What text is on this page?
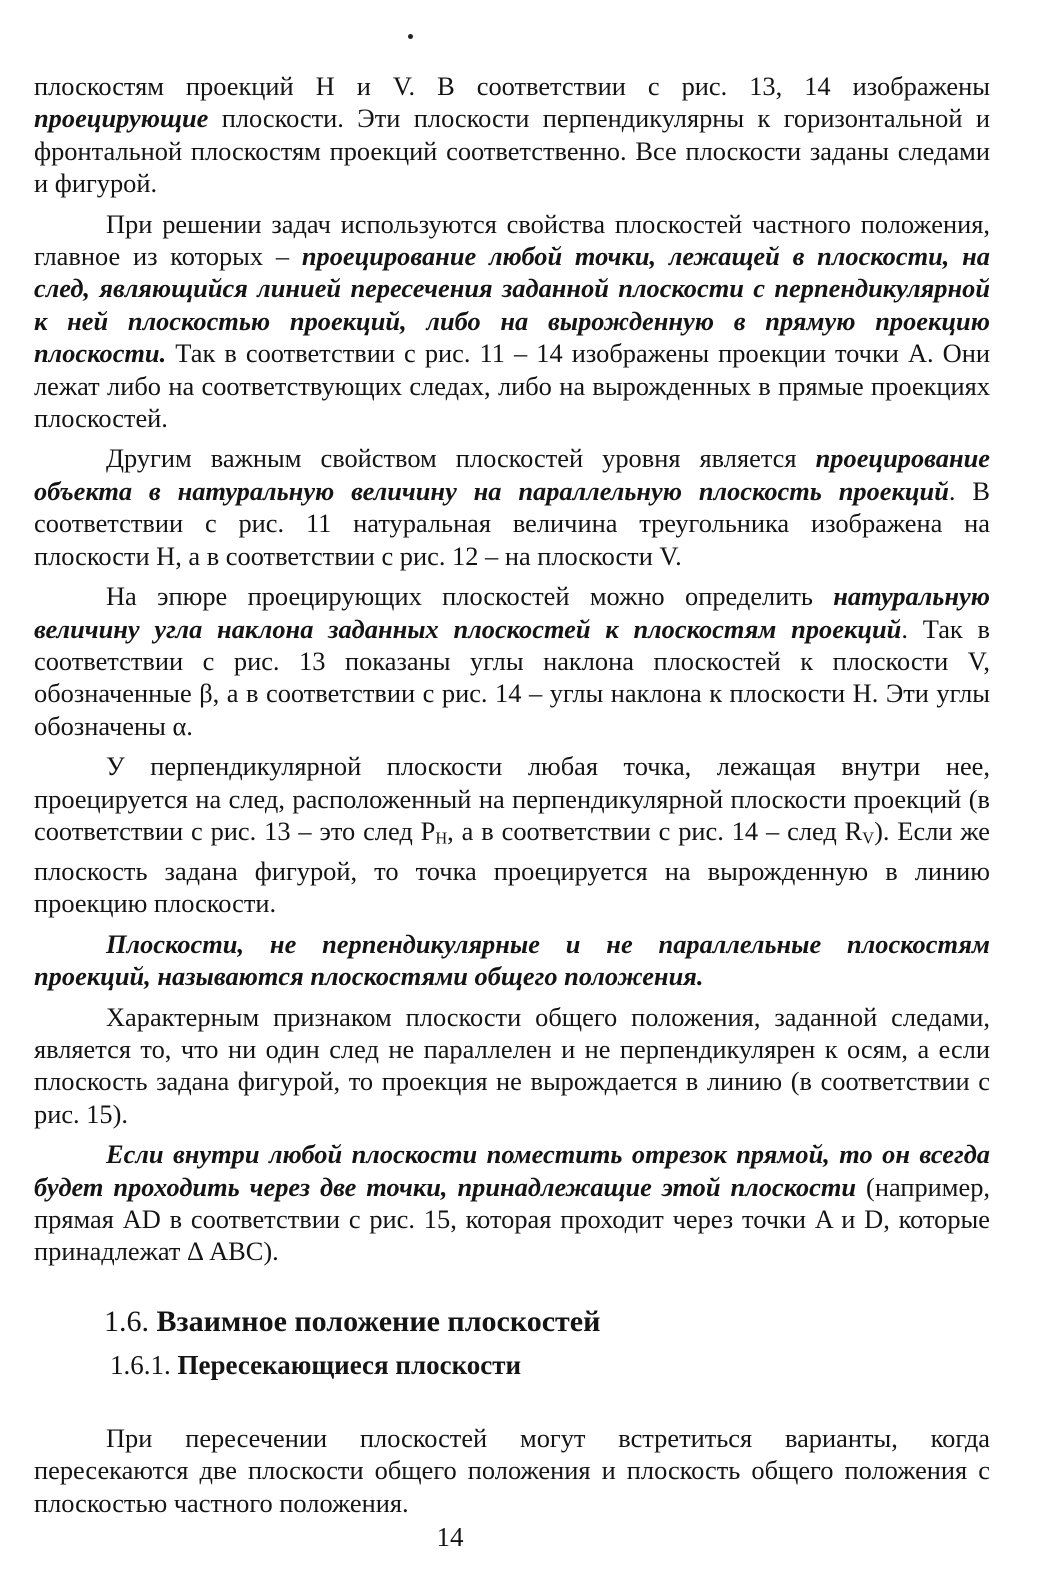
плоскостям проекций H и V. В соответствии с рис. 13, 14 изображены проецирующие плоскости. Эти плоскости перпендикулярны к горизонтальной и фронтальной плоскостям проекций соответственно. Все плоскости заданы следами и фигурой.

При решении задач используются свойства плоскостей частного положения, главное из которых – проецирование любой точки, лежащей в плоскости, на след, являющийся линией пересечения заданной плоскости с перпендикулярной к ней плоскостью проекций, либо на вырожденную в прямую проекцию плоскости. Так в соответствии с рис. 11 – 14 изображены проекции точки A. Они лежат либо на соответствующих следах, либо на вырожденных в прямые проекциях плоскостей.

Другим важным свойством плоскостей уровня является проецирование объекта в натуральную величину на параллельную плоскость проекций. В соответствии с рис. 11 натуральная величина треугольника изображена на плоскости H, а в соответствии с рис. 12 – на плоскости V.

На эпюре проецирующих плоскостей можно определить натуральную величину угла наклона заданных плоскостей к плоскостям проекций. Так в соответствии с рис. 13 показаны углы наклона плоскостей к плоскости V, обозначенные β, а в соответствии с рис. 14 – углы наклона к плоскости H. Эти углы обозначены α.

У перпендикулярной плоскости любая точка, лежащая внутри нее, проецируется на след, расположенный на перпендикулярной плоскости проекций (в соответствии с рис. 13 – это след $P_H$, а в соответствии с рис. 14 – след $R_V$). Если же плоскость задана фигурой, то точка проецируется на вырожденную в линию проекцию плоскости.

Плоскости, не перпендикулярные и не параллельные плоскостям проекций, называются плоскостями общего положения.

Характерным признаком плоскости общего положения, заданной следами, является то, что ни один след не параллелен и не перпендикулярен к осям, а если плоскость задана фигурой, то проекция не вырождается в линию (в соответствии с рис. 15).

Если внутри любой плоскости поместить отрезок прямой, то он всегда будет проходить через две точки, принадлежащие этой плоскости (например, прямая AD в соответствии с рис. 15, которая проходит через точки A и D, которые принадлежат Δ ABC).

1.6. Взаимное положение плоскостей
1.6.1. Пересекающиеся плоскости

При пересечении плоскостей могут встретиться варианты, когда пересекаются две плоскости общего положения и плоскость общего положения с плоскостью частного положения.

14
